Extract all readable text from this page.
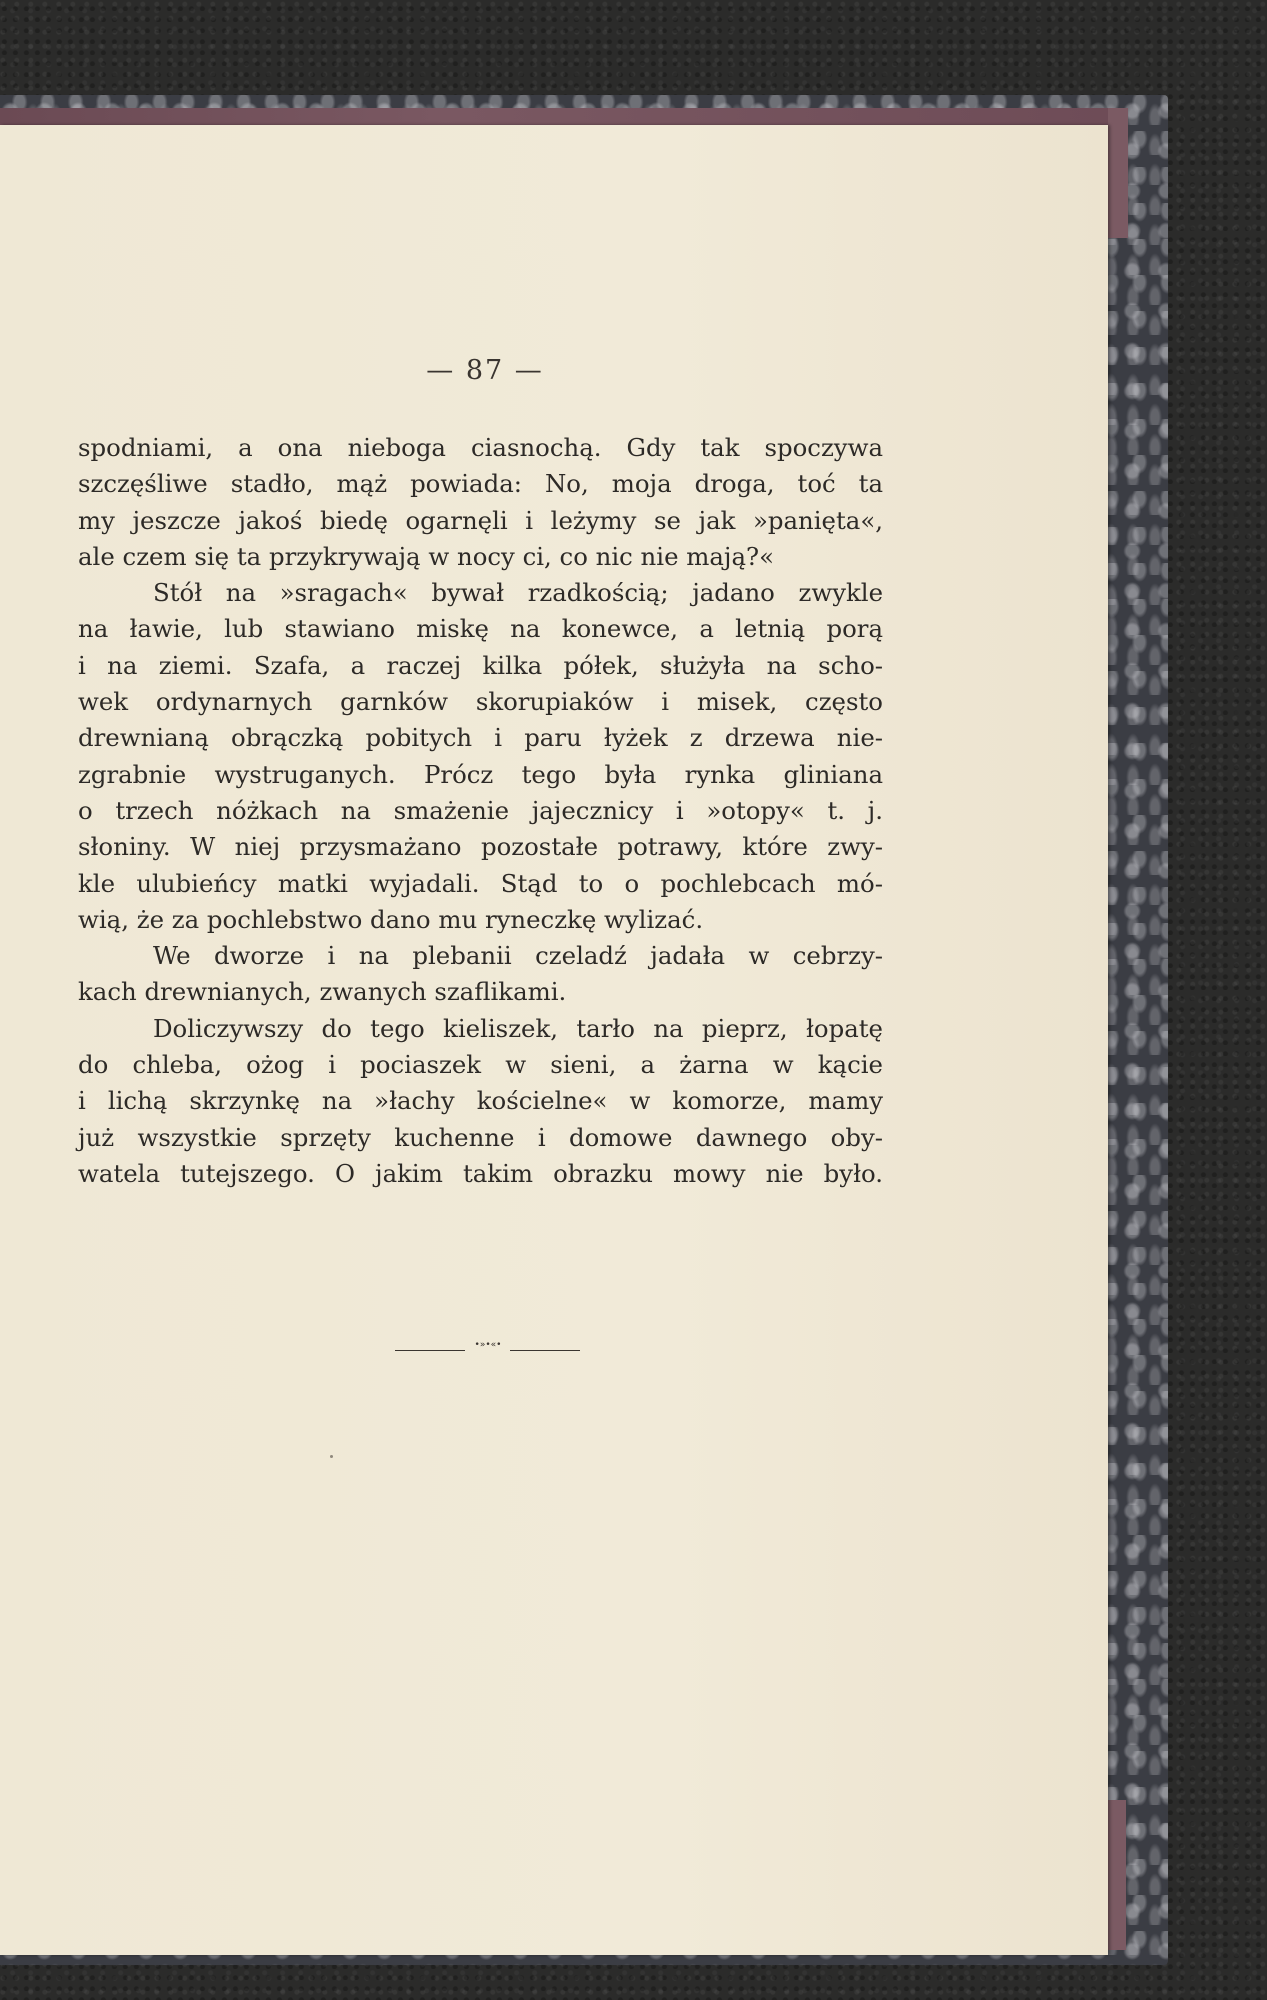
— 87 —
spodniami, a ona nieboga ciasnochą. Gdy tak spoczywa
szczęśliwe stadło, mąż powiada: No, moja droga, toć ta
my jeszcze jakoś biedę ogarnęli i leżymy se jak »panięta«,
ale czem się ta przykrywają w nocy ci, co nic nie mają?«
Stół na »sragach« bywał rzadkością; jadano zwykle
na ławie, lub stawiano miskę na konewce, a letnią porą
i na ziemi. Szafa, a raczej kilka półek, służyła na scho-
wek ordynarnych garnków skorupiaków i misek, często
drewnianą obrączką pobitych i paru łyżek z drzewa nie-
zgrabnie wystruganych. Prócz tego była rynka gliniana
o trzech nóżkach na smażenie jajecznicy i »otopy« t. j.
słoniny. W niej przysmażano pozostałe potrawy, które zwy-
kle ulubieńcy matki wyjadali. Stąd to o pochlebcach mó-
wią, że za pochlebstwo dano mu ryneczkę wylizać.
We dworze i na plebanii czeladź jadała w cebrzy-
kach drewnianych, zwanych szaflikami.
Doliczywszy do tego kieliszek, tarło na pieprz, łopatę
do chleba, ożog i pociaszek w sieni, a żarna w kącie
i lichą skrzynkę na »łachy kościelne« w komorze, mamy
już wszystkie sprzęty kuchenne i domowe dawnego oby-
watela tutejszego. O jakim takim obrazku mowy nie było.
•»•«•
